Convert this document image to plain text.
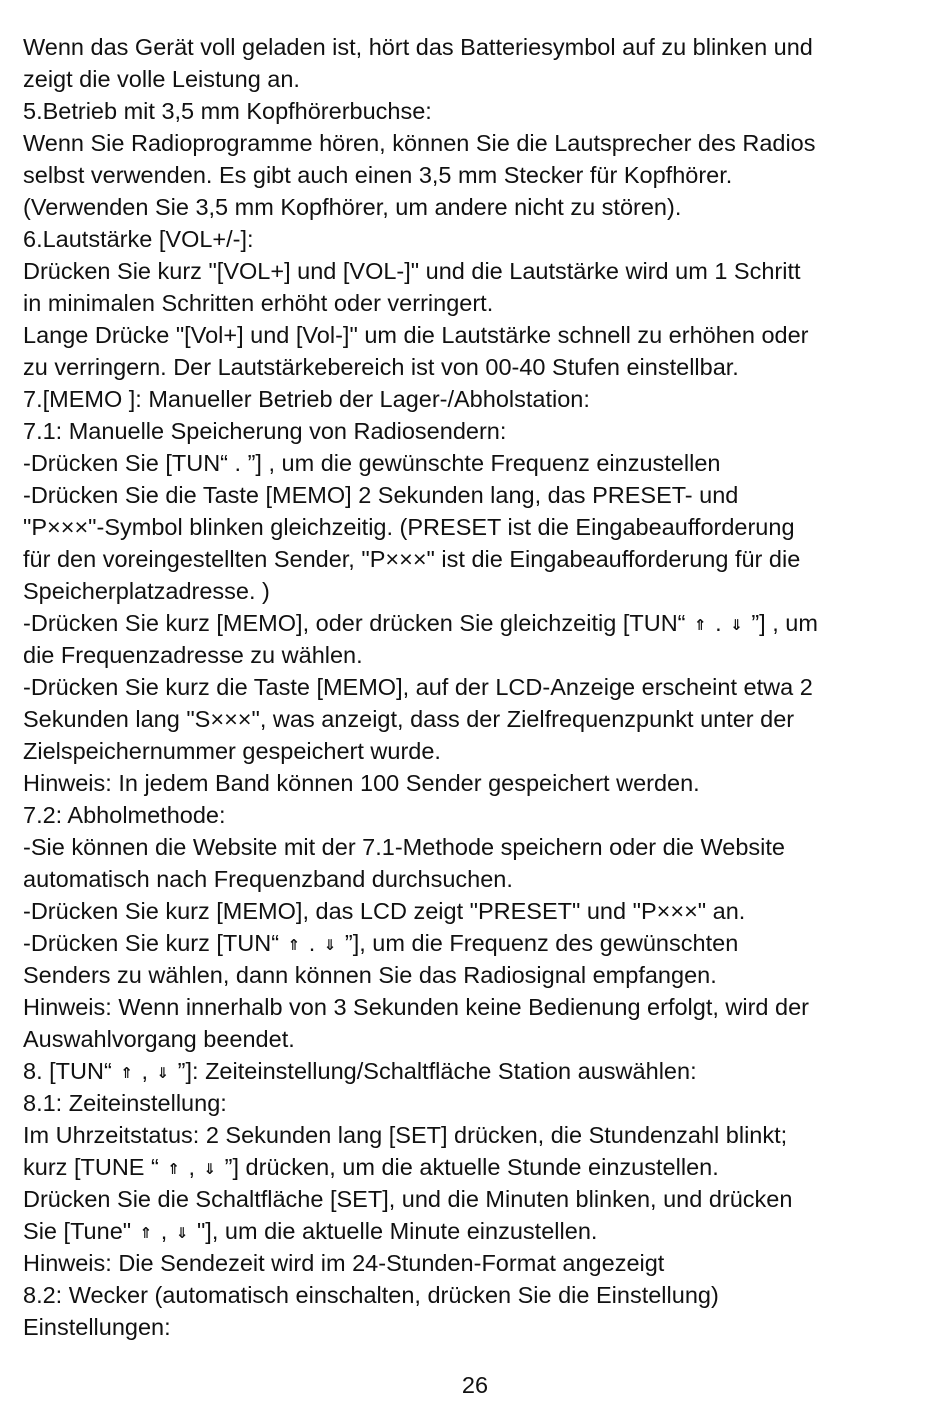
Wenn das Gerät voll geladen ist, hört das Batteriesymbol auf zu blinken und
zeigt die volle Leistung an.
5.Betrieb mit 3,5 mm Kopfhörerbuchse:
Wenn Sie Radioprogramme hören, können Sie die Lautsprecher des Radios
selbst verwenden. Es gibt auch einen 3,5 mm Stecker für Kopfhörer.
(Verwenden Sie 3,5 mm Kopfhörer, um andere nicht zu stören).
6.Lautstärke [VOL+/-]:
Drücken Sie kurz "[VOL+] und [VOL-]" und die Lautstärke wird um 1 Schritt
in minimalen Schritten erhöht oder verringert.
Lange Drücke "[Vol+] und [Vol-]" um die Lautstärke schnell zu erhöhen oder
zu verringern. Der Lautstärkebereich ist von 00-40 Stufen einstellbar.
7.[MEMO ]: Manueller Betrieb der Lager-/Abholstation:
7.1: Manuelle Speicherung von Radiosendern:
-Drücken Sie [TUN“ . ”] , um die gewünschte Frequenz einzustellen
-Drücken Sie die Taste [MEMO] 2 Sekunden lang, das PRESET- und
"P×××"-Symbol blinken gleichzeitig. (PRESET ist die Eingabeaufforderung
für den voreingestellten Sender, "P×××" ist die Eingabeaufforderung für die
Speicherplatzadresse. )
-Drücken Sie kurz [MEMO], oder drücken Sie gleichzeitig [TUN“ ⇑ . ⇓ ”] , um
die Frequenzadresse zu wählen.
-Drücken Sie kurz die Taste [MEMO], auf der LCD-Anzeige erscheint etwa 2
Sekunden lang "S×××", was anzeigt, dass der Zielfrequenzpunkt unter der
Zielspeichernummer gespeichert wurde.
Hinweis: In jedem Band können 100 Sender gespeichert werden.
7.2: Abholmethode:
-Sie können die Website mit der 7.1-Methode speichern oder die Website
automatisch nach Frequenzband durchsuchen.
-Drücken Sie kurz [MEMO], das LCD zeigt "PRESET" und "P×××" an.
-Drücken Sie kurz [TUN“ ⇑ . ⇓ ”], um die Frequenz des gewünschten
Senders zu wählen, dann können Sie das Radiosignal empfangen.
Hinweis: Wenn innerhalb von 3 Sekunden keine Bedienung erfolgt, wird der
Auswahlvorgang beendet.
8. [TUN“ ⇑ , ⇓ ”]: Zeiteinstellung/Schaltfläche Station auswählen:
8.1: Zeiteinstellung:
Im Uhrzeitstatus: 2 Sekunden lang [SET] drücken, die Stundenzahl blinkt;
kurz [TUNE “ ⇑ , ⇓ ”] drücken, um die aktuelle Stunde einzustellen.
Drücken Sie die Schaltfläche [SET], und die Minuten blinken, und drücken
Sie [Tune" ⇑ , ⇓ "], um die aktuelle Minute einzustellen.
Hinweis: Die Sendezeit wird im 24-Stunden-Format angezeigt
8.2: Wecker (automatisch einschalten, drücken Sie die Einstellung)
Einstellungen:
26
